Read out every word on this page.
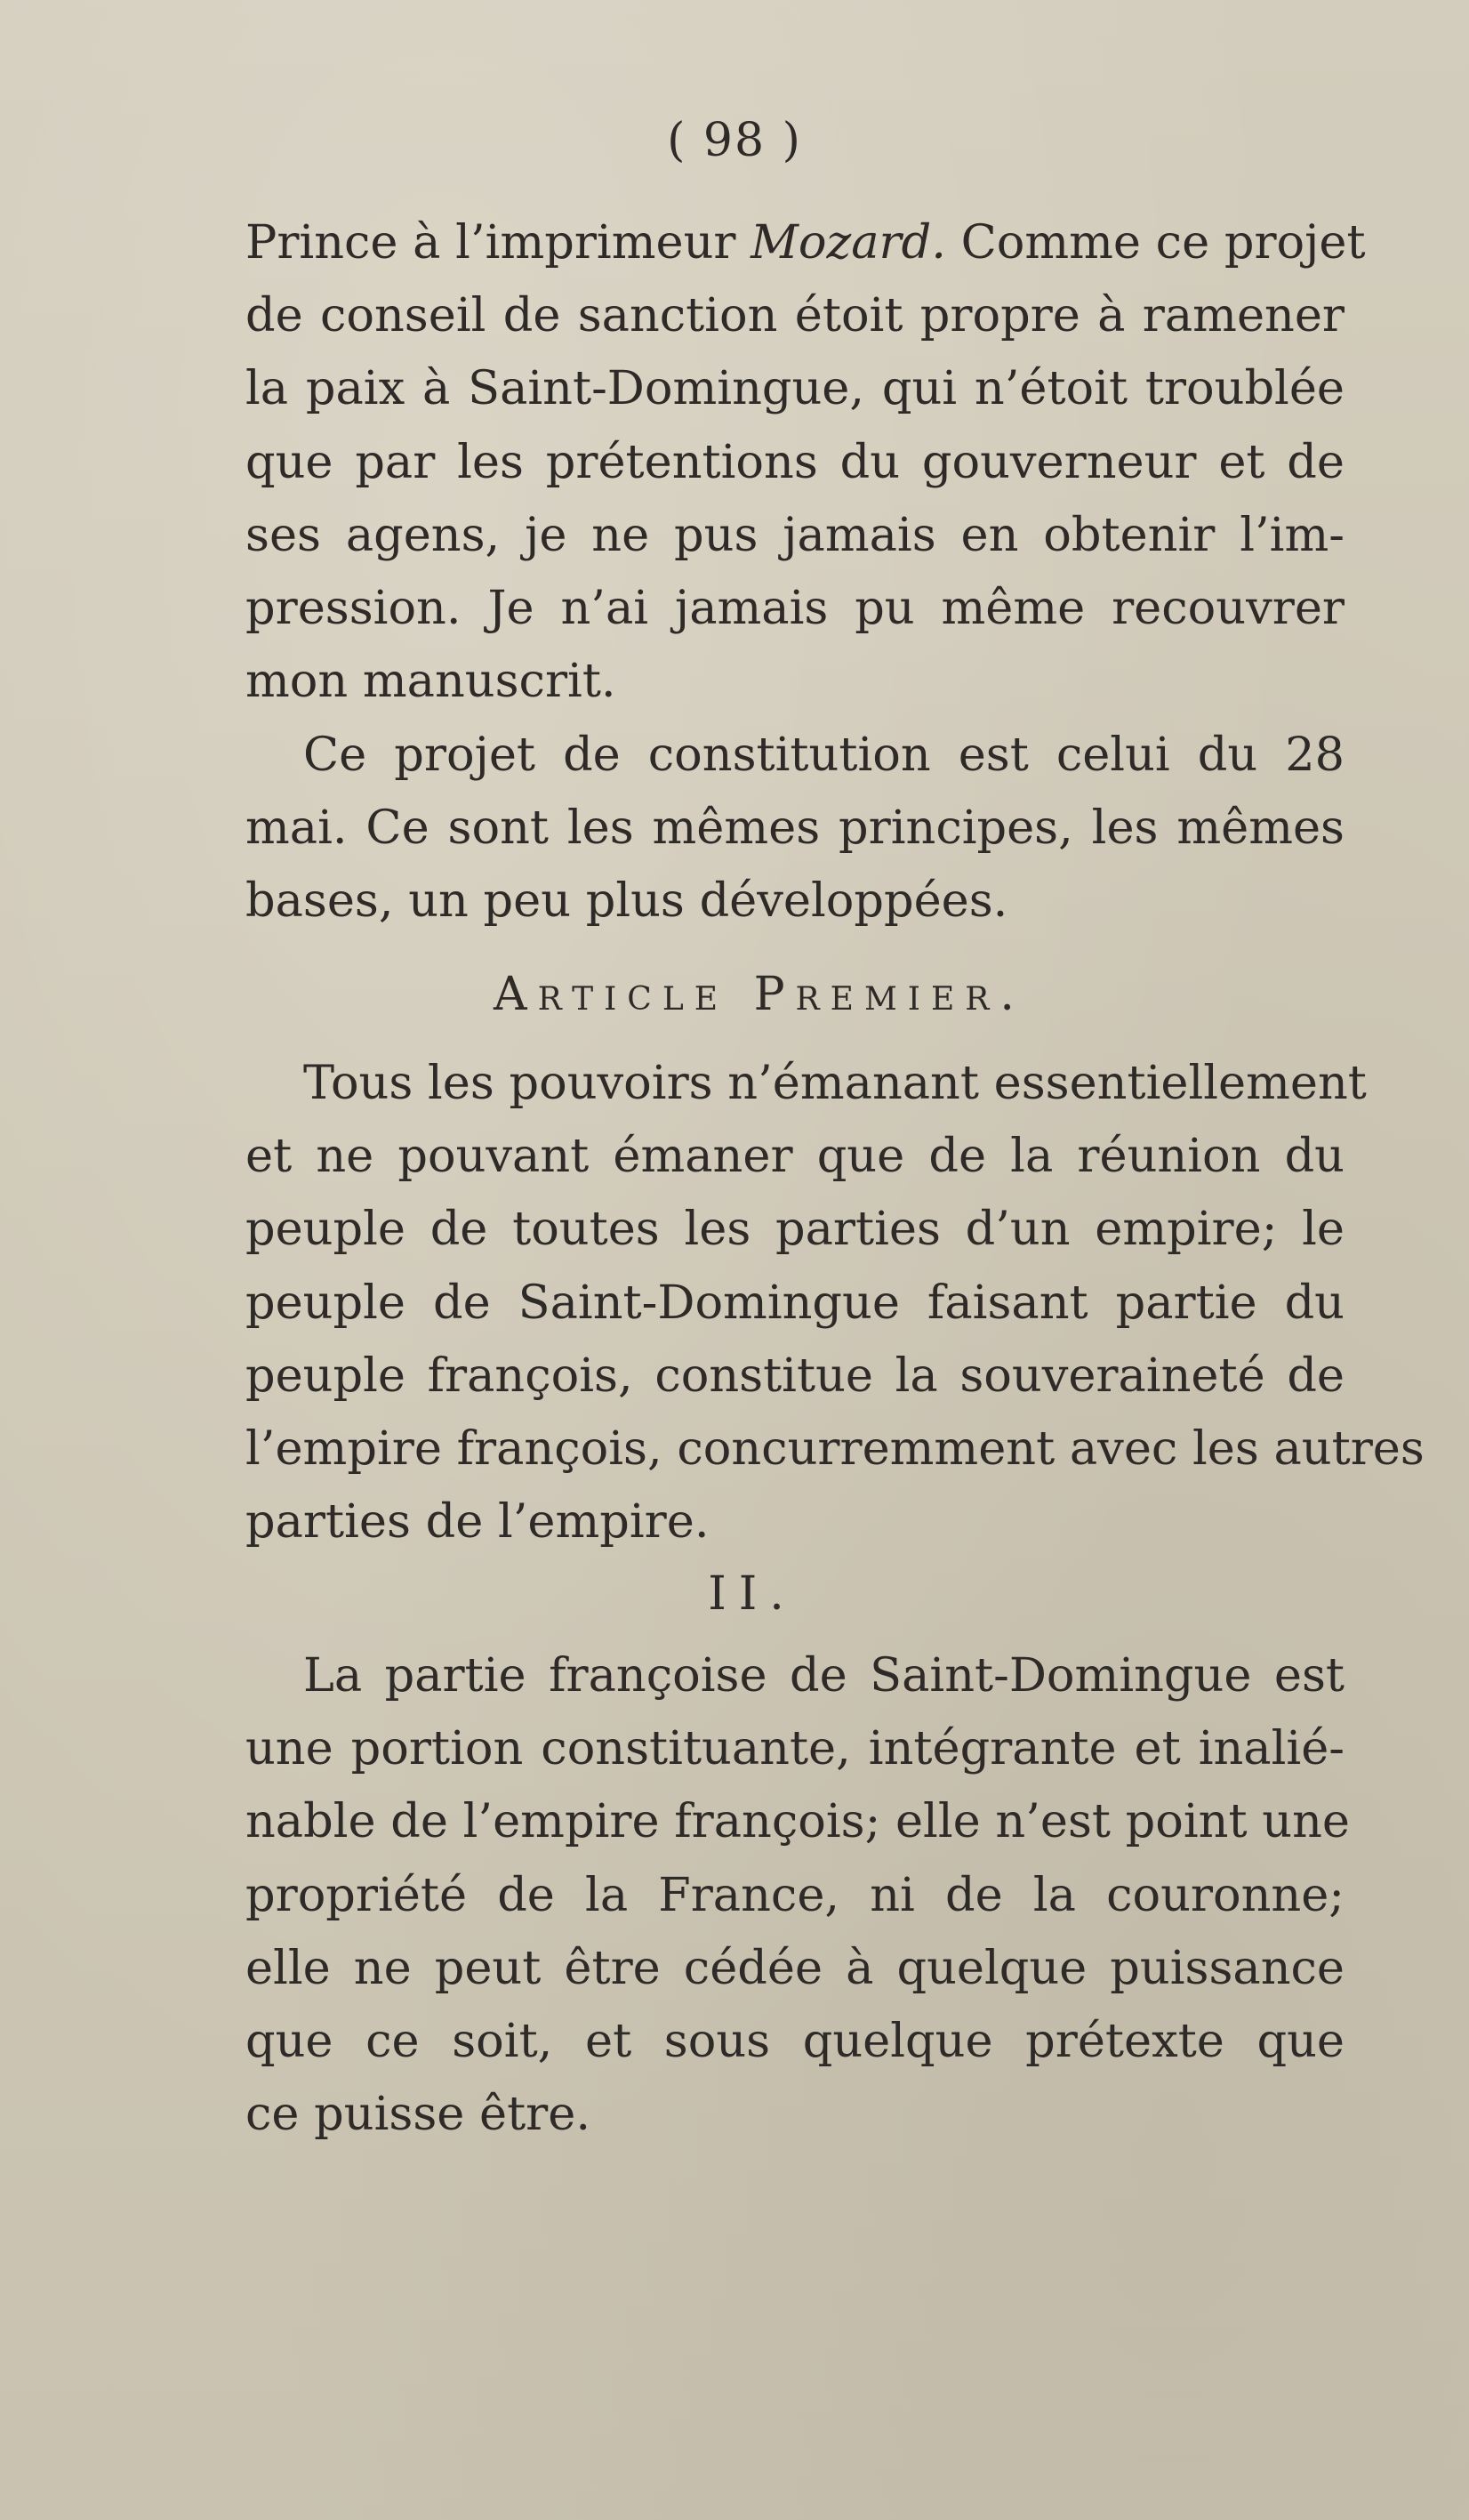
( 98 )
Prince à l’imprimeur Mozard. Comme ce projet
de conseil de sanction étoit propre à ramener
la paix à Saint-Domingue, qui n’étoit troublée
que par les prétentions du gouverneur et de
ses agens, je ne pus jamais en obtenir l’im-
pression. Je n’ai jamais pu même recouvrer
mon manuscrit.
Ce projet de constitution est celui du 28
mai. Ce sont les mêmes principes, les mêmes
bases, un peu plus développées.
Article Premier.
Tous les pouvoirs n’émanant essentiellement
et ne pouvant émaner que de la réunion du
peuple de toutes les parties d’un empire; le
peuple de Saint-Domingue faisant partie du
peuple françois, constitue la souveraineté de
l’empire françois, concurremment avec les autres
parties de l’empire.
II.
La partie françoise de Saint-Domingue est
une portion constituante, intégrante et inalié-
nable de l’empire françois; elle n’est point une
propriété de la France, ni de la couronne;
elle ne peut être cédée à quelque puissance
que ce soit, et sous quelque prétexte que
ce puisse être.
